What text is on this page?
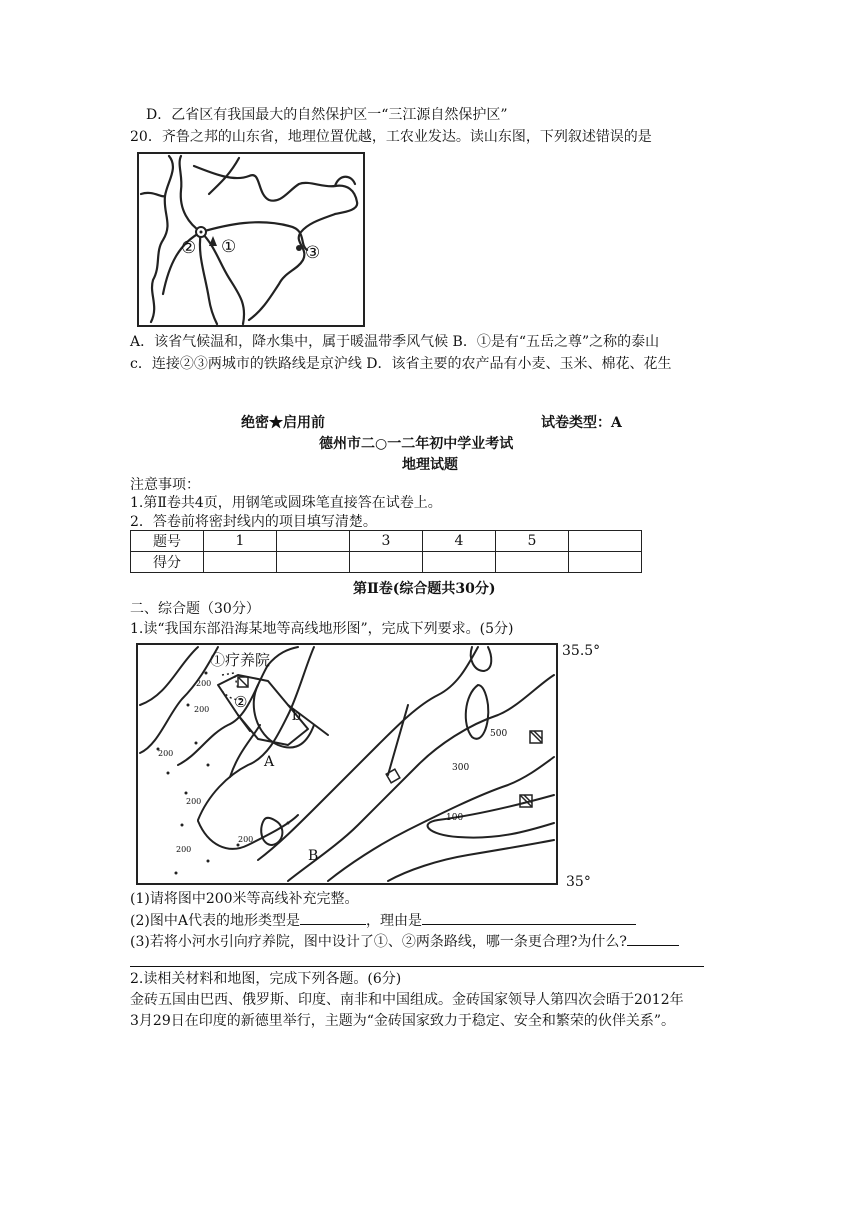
D．乙省区有我国最大的自然保护区一“三江源自然保护区”
20．齐鲁之邦的山东省，地理位置优越，工农业发达。读山东图，下列叙述错误的是
② ①	③
A．该省气候温和，降水集中，属于暖温带季风气候 B．①是有“五岳之尊”之称的泰山
c．连接②③两城市的铁路线是京沪线 D．该省主要的农产品有小麦、玉米、棉花、花生
绝密★启用前	试卷类型：A
德州市二○一二年初中学业考试
地理试题
注意事项：
1.第Ⅱ卷共4页，用钢笔或圆珠笔直接答在试卷上。
2．答卷前将密封线内的项目填写清楚。
题号	1		3	4	5	
得分						
第Ⅱ卷(综合题共30分)
二、综合题（30分）
1.读“我国东部沿海某地等高线地形图”，完成下列要求。(5分)
①疗养院
②
A
B
b
500
300
100
200
200
200
200
200
200
35.5°
35°
(1)请将图中200米等高线补充完整。
(2)图中A代表的地形类型是	，理由是
(3)若将小河水引向疗养院，图中设计了①、②两条路线，哪一条更合理?为什么?
2.读相关材料和地图，完成下列各题。(6分)
金砖五国由巴西、俄罗斯、印度、南非和中国组成。金砖国家领导人第四次会晤于2012年
3月29日在印度的新德里举行，主题为“金砖国家致力于稳定、安全和繁荣的伙伴关系”。
